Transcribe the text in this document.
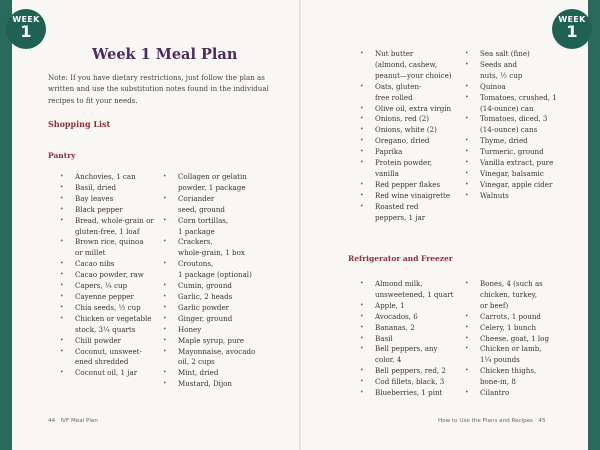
WEEK
1
WEEK
1
Week 1 Meal Plan

Note: If you have dietary restrictions, just follow the plan as written and use the substitution notes found in the individual recipes to fit your needs.

Shopping List
Pantry
Refrigerator and Freezer
• Anchovies, 1 can
• Basil, dried
• Bay leaves
• Black pepper
• Bread, whole-grain or
gluten-free, 1 loaf
• Brown rice, quinoa
or millet
• Cacao nibs
• Cacao powder, raw
• Capers, ¼ cup
• Cayenne pepper
• Chia seeds, ½ cup
• Chicken or vegetable
stock, 3¼ quarts
• Chili powder
• Coconut, unsweet-
ened shredded
• Coconut oil, 1 jar
• Collagen or gelatin
powder, 1 package
• Coriander
seed, ground
• Corn tortillas,
1 package
• Crackers,
whole-grain, 1 box
• Croutons,
1 package (optional)
• Cumin, ground
• Garlic, 2 heads
• Garlic powder
• Ginger, ground
• Honey
• Maple syrup, pure
• Mayonnaise, avocado
oil, 2 cups
• Mint, dried
• Mustard, Dijon
• Nut butter
(almond, cashew,
peanut—your choice)
• Oats, gluten-
free rolled
• Olive oil, extra virgin
• Onions, red (2)
• Onions, white (2)
• Oregano, dried
• Paprika
• Protein powder,
vanilla
• Red pepper flakes
• Red wine vinaigrette
• Roasted red
peppers, 1 jar
• Sea salt (fine)
• Seeds and
nuts, ½ cup
• Quinoa
• Tomatoes, crushed, 1
(14-ounce) can
• Tomatoes, diced, 3
(14-ounce) cans
• Thyme, dried
• Turmeric, ground
• Vanilla extract, pure
• Vinegar, balsamic
• Vinegar, apple cider
• Walnuts
• Almond milk,
unsweetened, 1 quart
• Apple, 1
• Avocados, 6
• Bananas, 2
• Basil
• Bell peppers, any
color, 4
• Bell peppers, red, 2
• Cod fillets, black, 3
• Blueberries, 1 pint
• Bones, 4 (such as
chicken, turkey,
or beef)
• Carrots, 1 pound
• Celery, 1 bunch
• Cheese, goat, 1 log
• Chicken or lamb,
1¼ pounds
• Chicken thighs,
bone-in, 8
• Cilantro
44 · IVF Meal Plan	How to Use the Plans and Recipes · 45
